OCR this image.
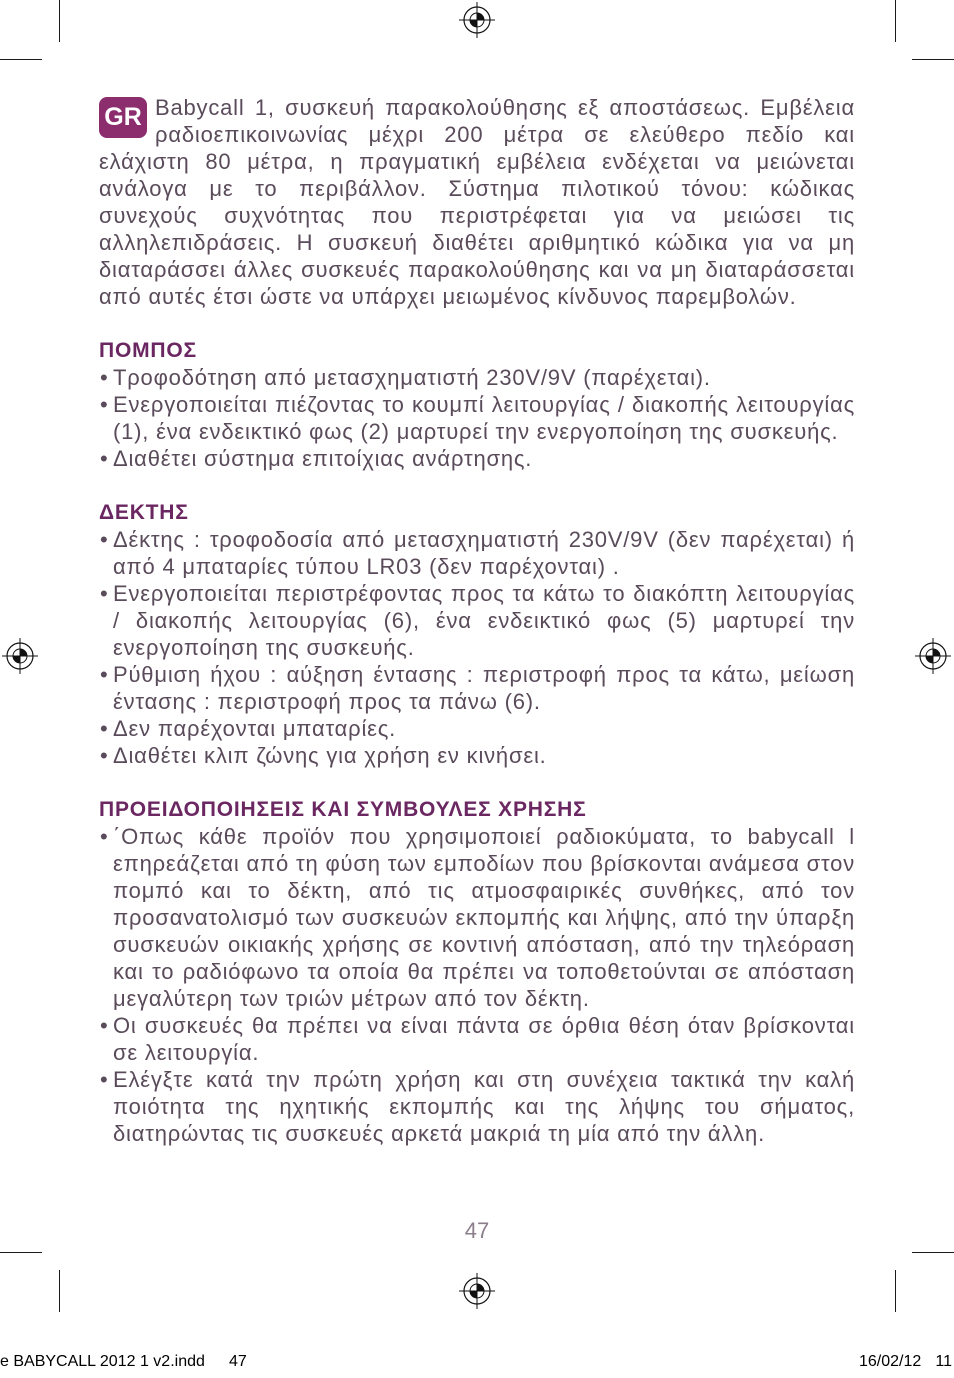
GR Babycall 1, συσκευή παρακολούθησης εξ αποστάσεως. Εμβέλεια ραδιοεπικοινωνίας μέχρι 200 μέτρα σε ελεύθερο πεδίο και ελάχιστη 80 μέτρα, η πραγματική εμβέλεια ενδέχεται να μειώνεται ανάλογα με το περιβάλλον. Σύστημα πιλοτικού τόνου: κώδικας συνεχούς συχνότητας που περιστρέφεται για να μειώσει τις αλληλεπιδράσεις. Η συσκευή διαθέτει αριθμητικό κώδικα για να μη διαταράσσει άλλες συσκευές παρακολούθησης και να μη διαταράσσεται από αυτές έτσι ώστε να υπάρχει μειωμένος κίνδυνος παρεμβολών.

ΠΟΜΠΟΣ
• Τροφοδότηση από μετασχηματιστή 230V/9V (παρέχεται).
• Ενεργοποιείται πιέζοντας το κουμπί λειτουργίας / διακοπής λειτουργίας (1), ένα ενδεικτικό φως (2) μαρτυρεί την ενεργοποίηση της συσκευής.
• Διαθέτει σύστημα επιτοίχιας ανάρτησης.
ΔΕΚΤΗΣ
• Δέκτης : τροφοδοσία από μετασχηματιστή 230V/9V (δεν παρέχεται) ή από 4 μπαταρίες τύπου LR03 (δεν παρέχονται) .
• Ενεργοποιείται περιστρέφοντας προς τα κάτω το διακόπτη λειτουργίας / διακοπής λειτουργίας (6), ένα ενδεικτικό φως (5) μαρτυρεί την ενεργοποίηση της συσκευής.
• Ρύθμιση ήχου : αύξηση έντασης : περιστροφή προς τα κάτω, μείωση έντασης : περιστροφή προς τα πάνω (6).
• Δεν παρέχονται μπαταρίες.
• Διαθέτει κλιπ ζώνης για χρήση εν κινήσει.
ΠΡΟΕΙΔΟΠΟΙΗΣΕΙΣ ΚΑΙ ΣΥΜΒΟΥΛΕΣ ΧΡΗΣΗΣ
• ΄Οπως κάθε προϊόν που χρησιμοποιεί ραδιοκύματα, το babycall l επηρεάζεται από τη φύση των εμποδίων που βρίσκονται ανάμεσα στον πομπό και το δέκτη, από τις ατμοσφαιρικές συνθήκες, από τον προσανατολισμό των συσκευών εκπομπής και λήψης, από την ύπαρξη συσκευών οικιακής χρήσης σε κοντινή απόσταση, από την τηλεόραση και το ραδιόφωνο τα οποία θα πρέπει να τοποθετούνται σε απόσταση μεγαλύτερη των τριών μέτρων από τον δέκτη.
• Οι συσκευές θα πρέπει να είναι πάντα σε όρθια θέση όταν βρίσκονται σε λειτουργία.
• Ελέγξτε κατά την πρώτη χρήση και στη συνέχεια τακτικά την καλή ποιότητα της ηχητικής εκπομπής και της λήψης του σήματος, διατηρώντας τις συσκευές αρκετά μακριά τη μία από την άλλη.
47
e BABYCALL 2012 1 v2.indd 47	16/02/12 11
